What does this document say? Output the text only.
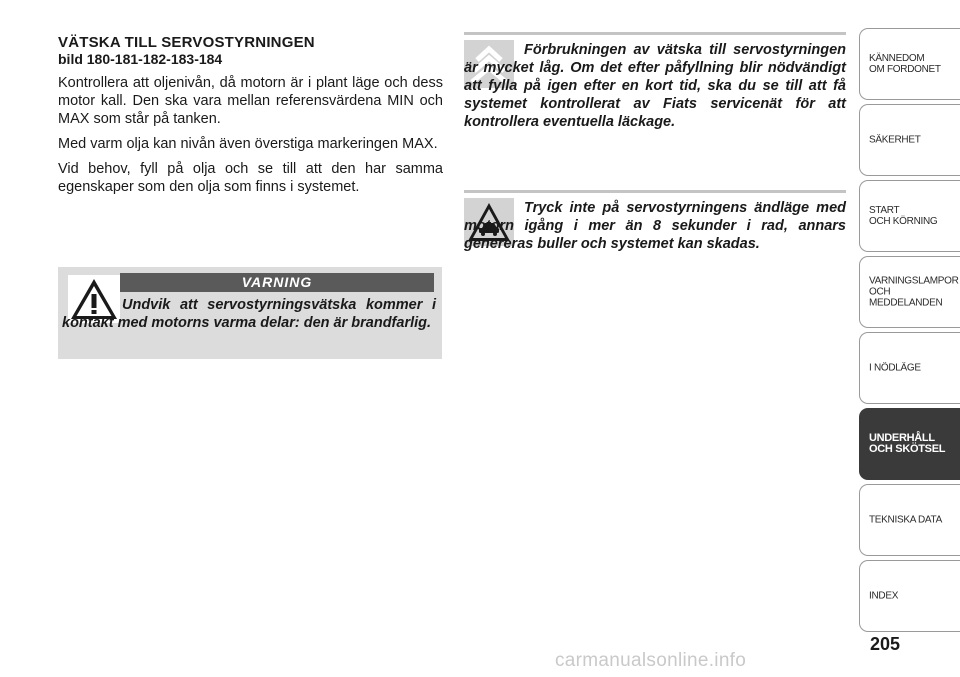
VÄTSKA TILL SERVOSTYRNINGEN

bild 180-181-182-183-184

Kontrollera att oljenivån, då motorn är i plant läge och dess motor kall. Den ska vara mellan referensvärdena MIN och MAX som står på tanken.

Med varm olja kan nivån även överstiga markeringen MAX.

Vid behov, fyll på olja och se till att den har samma egenskaper som den olja som finns i systemet.

VARNING
Undvik att servostyrningsvätska kommer i kontakt med motorns varma delar: den är brandfarlig.
Förbrukningen av vätska till servostyrningen är mycket låg. Om det efter påfyllning blir nödvändigt att fylla på igen efter en kort tid, ska du se till att få systemet kontrollerat av Fiats servicenät för att kontrollera eventuella läckage.
Tryck inte på servostyrningens ändläge med motorn igång i mer än 8 sekunder i rad, annars genereras buller och systemet kan skadas.
KÄNNEDOM
OM FORDONET
SÄKERHET
START
OCH KÖRNING
VARNINGSLAMPOR
OCH
MEDDELANDEN
I NÖDLÄGE
UNDERHÅLL
OCH SKÖTSEL
TEKNISKA DATA
INDEX
205
carmanualsonline.info
